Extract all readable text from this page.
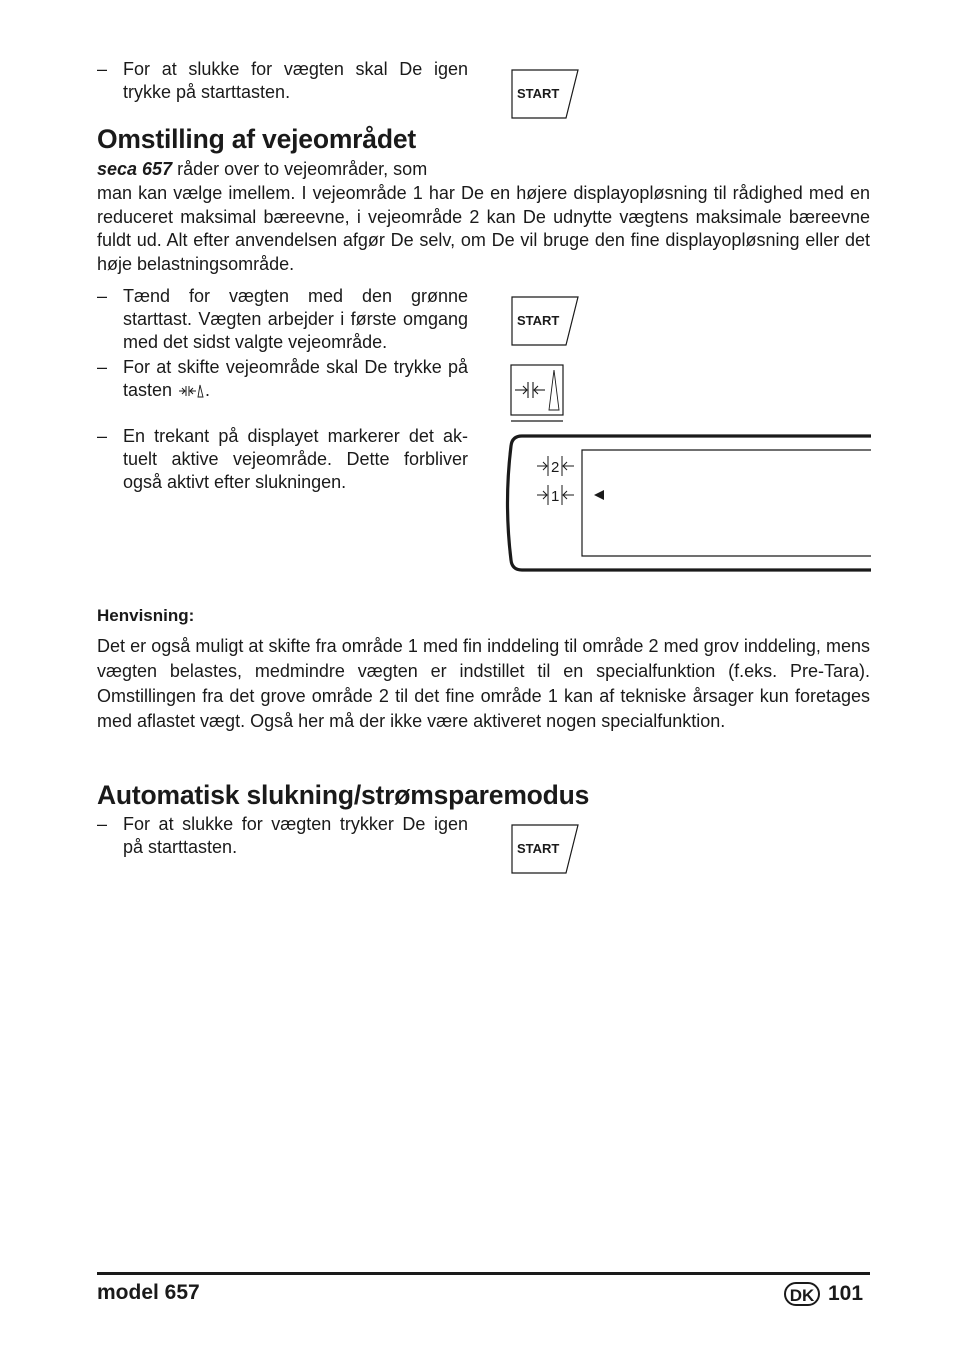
– For at slukke for vægten skal De igen trykke på starttasten.	START
Omstilling af vejeområdet
seca 657 råder over to vejeområder, som
man kan vælge imellem. I vejeområde 1 har De en højere displayopløsning til rådighed med en reduceret maksimal bæreevne, i vejeområde 2 kan De udnytte vægtens maksimale bæreevne fuldt ud. Alt efter anvendelsen afgør De selv, om De vil bruge den fine displayopløsning eller det høje belastningsområde.
– Tænd for vægten med den grønne starttast. Vægten arbejder i første omgang med det sidst valgte vejeområde.
START
– For at skifte vejeområde skal De trykke på tasten .
– En trekant på displayet markerer det aktuelt aktive vejeområde. Dette forbliver også aktivt efter slukningen.
2
1
Henvisning:
Det er også muligt at skifte fra område 1 med fin inddeling til område 2 med grov inddeling, mens vægten belastes, medmindre vægten er indstillet til en specialfunktion (f.eks. Pre-Tara). Omstillingen fra det grove område 2 til det fine område 1 kan af tekniske årsager kun foretages med aflastet vægt. Også her må der ikke være aktiveret nogen specialfunktion.
Automatisk slukning/strømsparemodus
– For at slukke for vægten trykker De igen på starttasten.	START
model 657	DK 101
